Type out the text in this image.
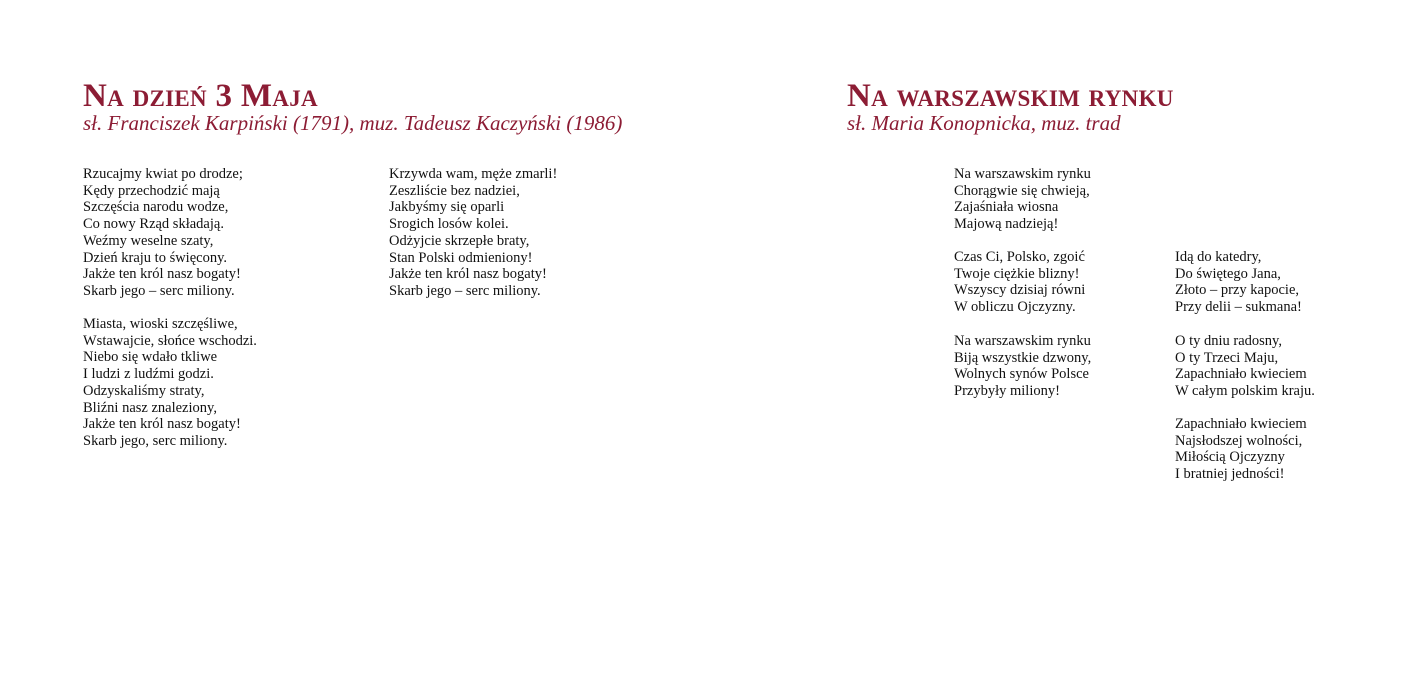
Na dzień 3 Maja

sł. Franciszek Karpiński (1791), muz. Tadeusz Kaczyński (1986)

Rzucajmy kwiat po drodze;
Kędy przechodzić mają
Szczęścia narodu wodze,
Co nowy Rząd składają.
Weźmy weselne szaty,
Dzień kraju to święcony.
Jakże ten król nasz bogaty!
Skarb jego – serc miliony.
Miasta, wioski szczęśliwe,
Wstawajcie, słońce wschodzi.
Niebo się wdało tkliwe
I ludzi z ludźmi godzi.
Odzyskaliśmy straty,
Bliźni nasz znaleziony,
Jakże ten król nasz bogaty!
Skarb jego, serc miliony.
Krzywda wam, męże zmarli!
Zeszliście bez nadziei,
Jakbyśmy się oparli
Srogich losów kolei.
Odżyjcie skrzepłe braty,
Stan Polski odmieniony!
Jakże ten król nasz bogaty!
Skarb jego – serc miliony.
Na warszawskim rynku

sł. Maria Konopnicka, muz. trad

Na warszawskim rynku
Chorągwie się chwieją,
Zajaśniała wiosna
Majową nadzieją!
Czas Ci, Polsko, zgoić
Twoje ciężkie blizny!
Wszyscy dzisiaj równi
W obliczu Ojczyzny.
Na warszawskim rynku
Biją wszystkie dzwony,
Wolnych synów Polsce
Przybyły miliony!
Idą do katedry,
Do świętego Jana,
Złoto – przy kapocie,
Przy delii – sukmana!
O ty dniu radosny,
O ty Trzeci Maju,
Zapachniało kwieciem
W całym polskim kraju.
Zapachniało kwieciem
Najsłodszej wolności,
Miłością Ojczyzny
I bratniej jedności!
